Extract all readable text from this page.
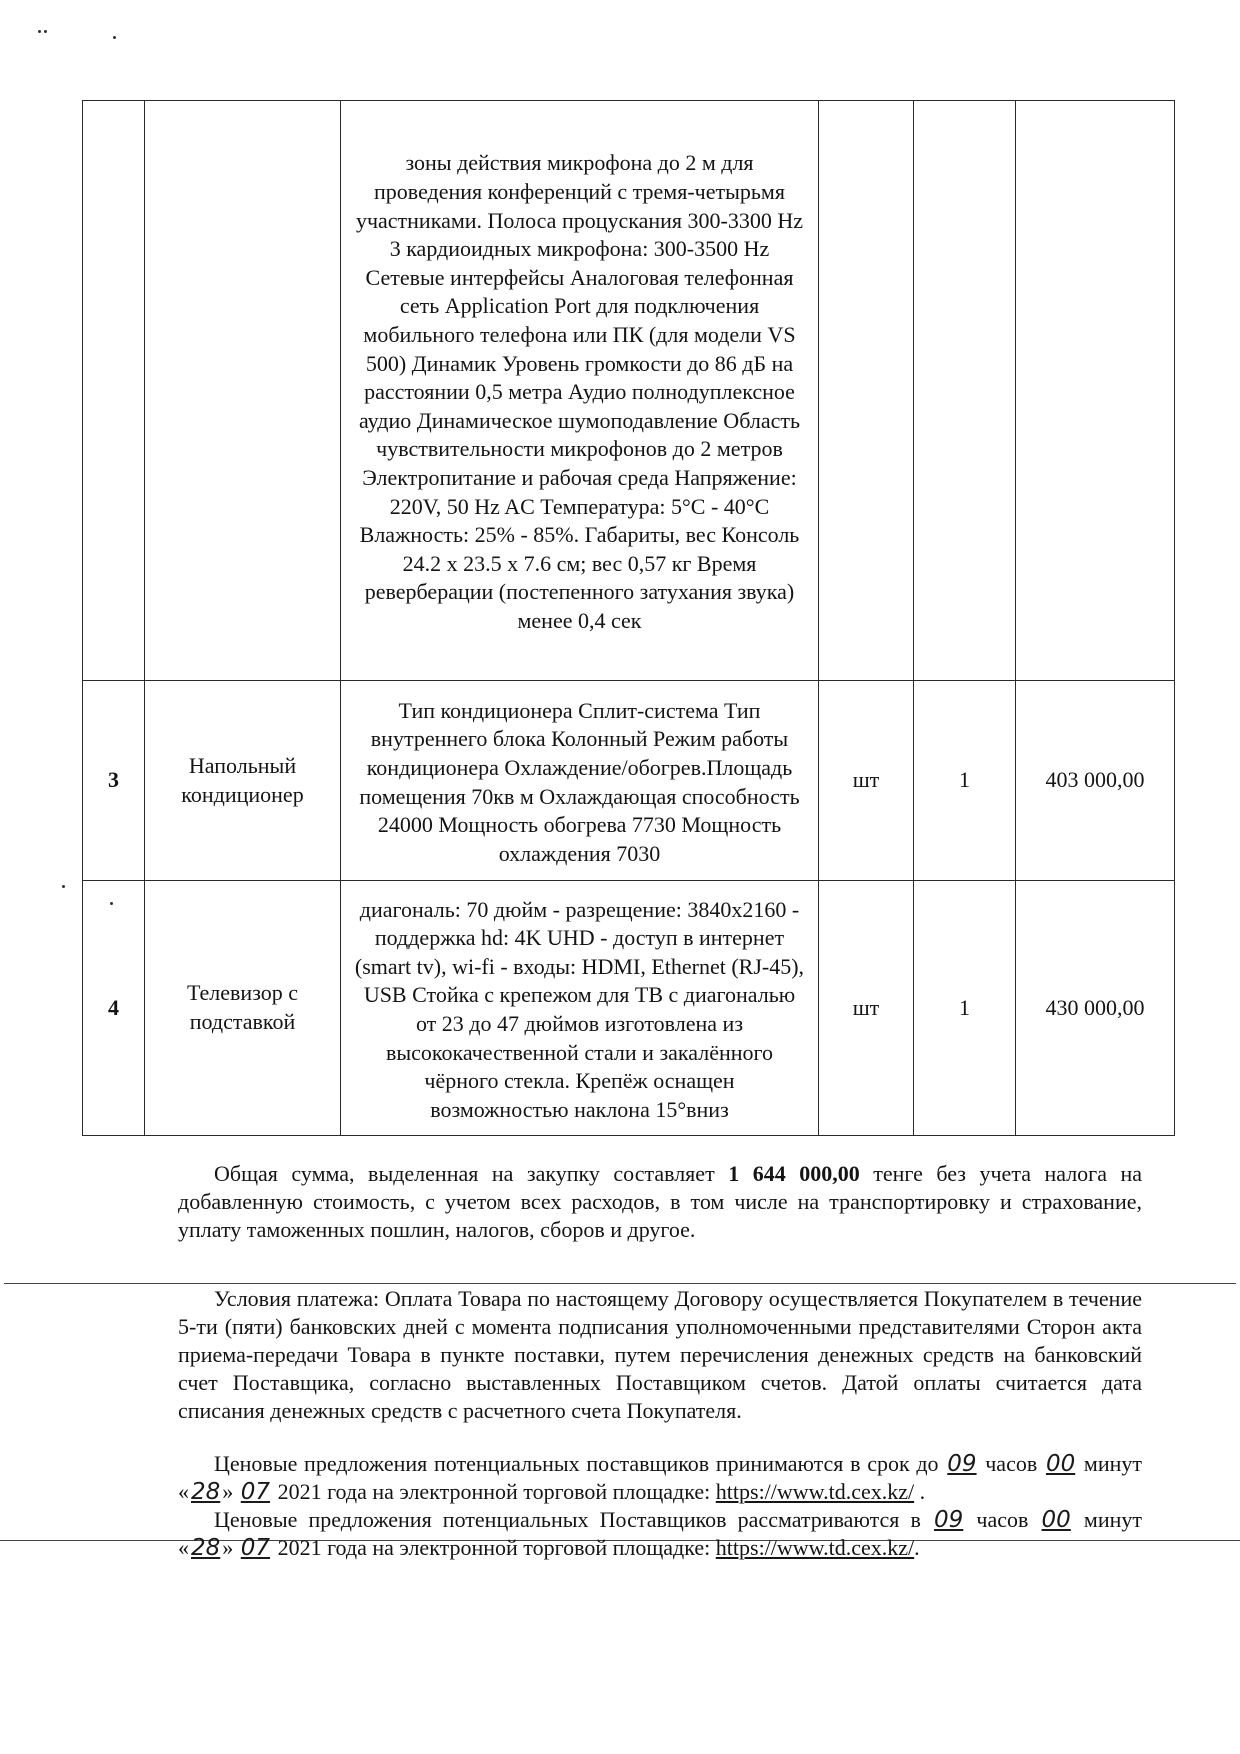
		зоны действия микрофона до 2 м для проведения конференций с тремя-четырьмя участниками. Полоса процускания 300-3300 Hz 3 кардиоидных микрофона: 300-3500 Hz Сетевые интерфейсы Аналоговая телефонная сеть Application Port для подключения мобильного телефона или ПК (для модели VS 500) Динамик Уровень громкости до 86 дБ на расстоянии 0,5 метра Аудио полнодуплексное аудио Динамическое шумоподавление Область чувствительности микрофонов до 2 метров Электропитание и рабочая среда Напряжение: 220V, 50 Hz AC Температура: 5°С - 40°С Влажность: 25% - 85%. Габариты, вес Консоль 24.2 x 23.5 x 7.6 см; вес 0,57 кг Время реверберации (постепенного затухания звука) менее 0,4 сек			
3	Напольный кондиционер	Тип кондиционера Сплит-система Тип внутреннего блока Колонный Режим работы кондиционера Охлаждение/обогрев.Площадь помещения 70кв м Охлаждающая способность 24000 Мощность обогрева 7730 Мощность охлаждения 7030	шт	1	403 000,00
4	Телевизор с подставкой	диагональ: 70 дюйм - разрещение: 3840x2160 - поддержка hd: 4K UHD - доступ в интернет (smart tv), wi-fi - входы: HDMI, Ethernet (RJ-45), USB Стойка с крепежом для ТВ с диагональю от 23 до 47 дюймов изготовлена из высококачественной стали и закалённого чёрного стекла. Крепёж оснащен возможностью наклона 15°вниз	шт	1	430 000,00
Общая сумма, выделенная на закупку составляет 1 644 000,00 тенге без учета налога на добавленную стоимость, с учетом всех расходов, в том числе на транспортировку и страхование, уплату таможенных пошлин, налогов, сборов и другое.
Условия платежа: Оплата Товара по настоящему Договору осуществляется Покупателем в течение 5-ти (пяти) банковских дней с момента подписания уполномоченными представителями Сторон акта приема-передачи Товара в пункте поставки, путем перечисления денежных средств на банковский счет Поставщика, согласно выставленных Поставщиком счетов. Датой оплаты считается дата списания денежных средств с расчетного счета Покупателя.
Ценовые предложения потенциальных поставщиков принимаются в срок до 09 часов 00 минут «28» 07 2021 года на электронной торговой площадке: https://www.td.cex.kz/ .
Ценовые предложения потенциальных Поставщиков рассматриваются в 09 часов 00 минут «28» 07 2021 года на электронной торговой площадке: https://www.td.cex.kz/.
